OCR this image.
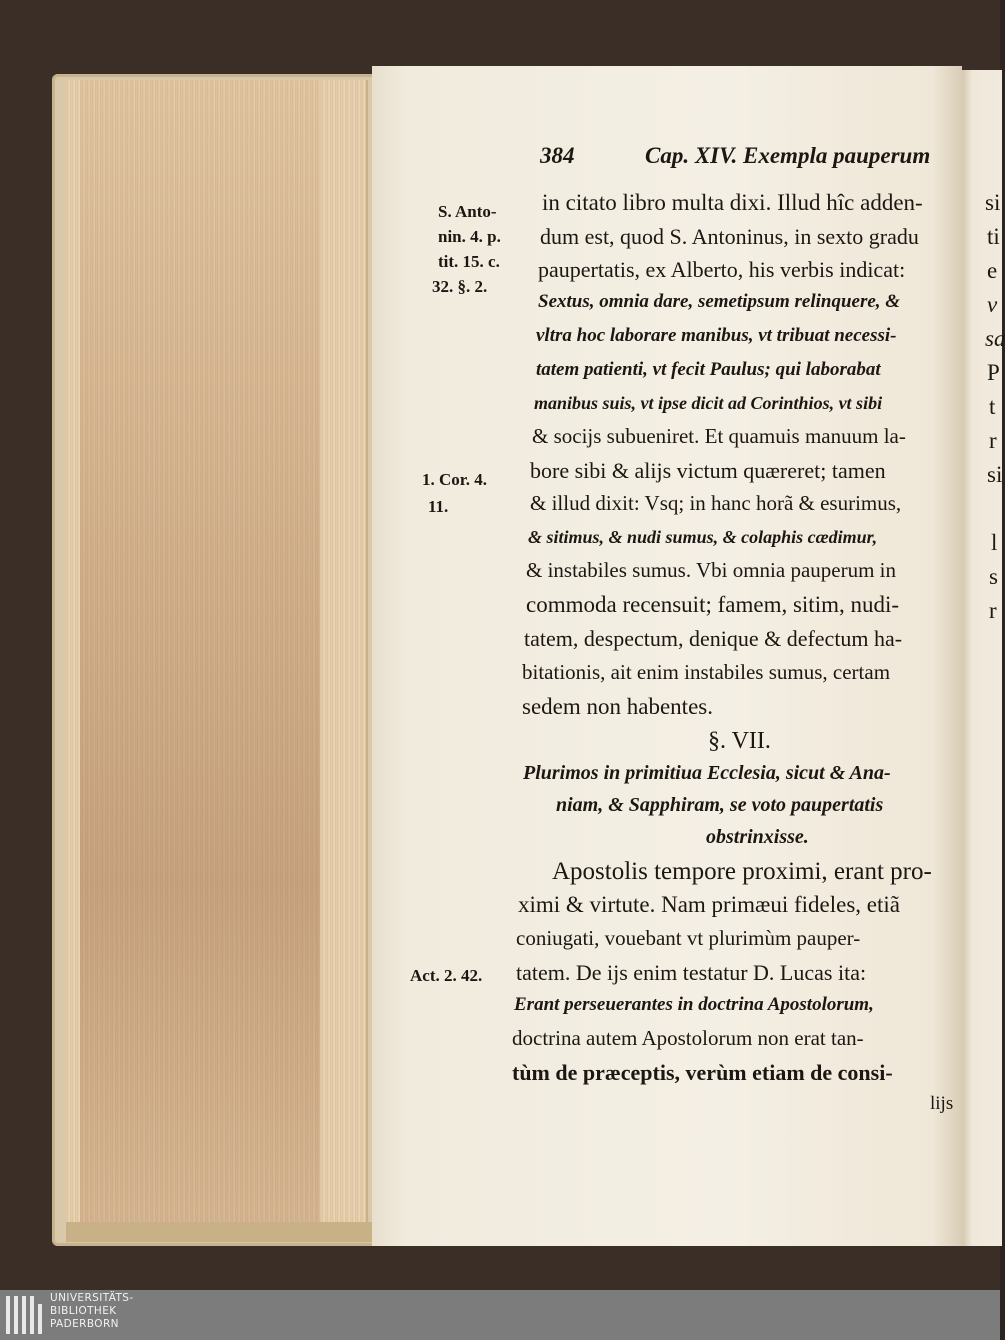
384	Cap. XIV. Exempla pauperum
S. Anto-
nin. 4. p.
tit. 15. c.
32. §. 2.
1. Cor. 4.
11.
Act. 2. 42.
in citato libro multa dixi. Illud hîc adden-
dum est, quod S. Antoninus, in sexto gradu
paupertatis, ex Alberto, his verbis indicat:
Sextus, omnia dare, semetipsum relinquere, &
vltra hoc laborare manibus, vt tribuat necessi-
tatem patienti, vt fecit Paulus; qui laborabat
manibus suis, vt ipse dicit ad Corinthios, vt sibi
& socijs subueniret. Et quamuis manuum la-
bore sibi & alijs victum quæreret; tamen
& illud dixit: Vsq; in hanc horã & esurimus,
& sitimus, & nudi sumus, & colaphis cædimur,
& instabiles sumus. Vbi omnia pauperum in
commoda recensuit; famem, sitim, nudi-
tatem, despectum, denique & defectum ha-
bitationis, ait enim instabiles sumus, certam
sedem non habentes.
§. VII.
Plurimos in primitiua Ecclesia, sicut & Ana-
niam, & Sapphiram, se voto paupertatis
obstrinxisse.
Apostolis tempore proximi, erant pro-
ximi & virtute. Nam primæui fideles, etiã
coniugati, vouebant vt plurimùm pauper-
tatem. De ijs enim testatur D. Lucas ita:
Erant perseuerantes in doctrina Apostolorum,
doctrina autem Apostolorum non erat tan-
tùm de præceptis, verùm etiam de consi-
lijs
si
ti
e
v
sa
P
t
r
si
l
s
r
UNIVERSITÄTS-
BIBLIOTHEK
PADERBORN
